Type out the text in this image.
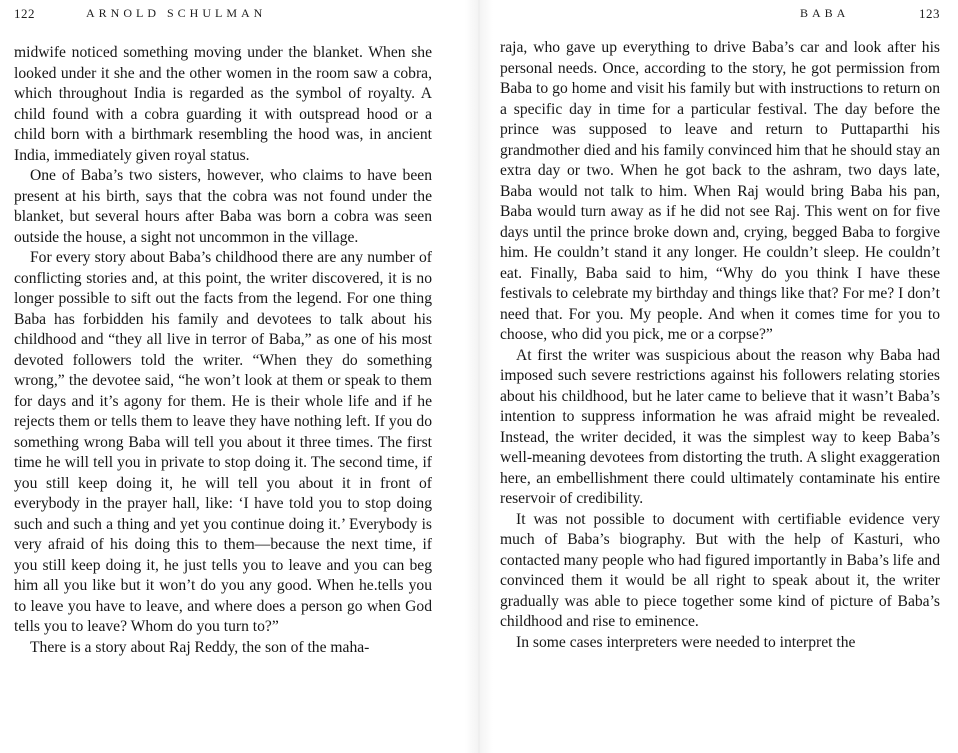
122	ARNOLD SCHULMAN

midwife noticed something moving under the blanket. When she looked under it she and the other women in the room saw a cobra, which throughout India is regarded as the symbol of royalty. A child found with a cobra guarding it with outspread hood or a child born with a birthmark resembling the hood was, in ancient India, immediately given royal status.

One of Baba’s two sisters, however, who claims to have been present at his birth, says that the cobra was not found under the blanket, but several hours after Baba was born a cobra was seen outside the house, a sight not uncommon in the village.

For every story about Baba’s childhood there are any number of conflicting stories and, at this point, the writer discovered, it is no longer possible to sift out the facts from the legend. For one thing Baba has forbidden his family and devotees to talk about his childhood and “they all live in terror of Baba,” as one of his most devoted followers told the writer. “When they do something wrong,” the devotee said, “he won’t look at them or speak to them for days and it’s agony for them. He is their whole life and if he rejects them or tells them to leave they have nothing left. If you do something wrong Baba will tell you about it three times. The first time he will tell you in private to stop doing it. The second time, if you still keep doing it, he will tell you about it in front of everybody in the prayer hall, like: ‘I have told you to stop doing such and such a thing and yet you continue doing it.’ Everybody is very afraid of his doing this to them—because the next time, if you still keep doing it, he just tells you to leave and you can beg him all you like but it won’t do you any good. When he.tells you to leave you have to leave, and where does a person go when God tells you to leave? Whom do you turn to?”

There is a story about Raj Reddy, the son of the maha-

BABA	123

raja, who gave up everything to drive Baba’s car and look after his personal needs. Once, according to the story, he got permission from Baba to go home and visit his family but with instructions to return on a specific day in time for a particular festival. The day before the prince was supposed to leave and return to Puttaparthi his grandmother died and his family convinced him that he should stay an extra day or two. When he got back to the ashram, two days late, Baba would not talk to him. When Raj would bring Baba his pan, Baba would turn away as if he did not see Raj. This went on for five days until the prince broke down and, crying, begged Baba to forgive him. He couldn’t stand it any longer. He couldn’t sleep. He couldn’t eat. Finally, Baba said to him, “Why do you think I have these festivals to celebrate my birthday and things like that? For me? I don’t need that. For you. My people. And when it comes time for you to choose, who did you pick, me or a corpse?”

At first the writer was suspicious about the reason why Baba had imposed such severe restrictions against his followers relating stories about his childhood, but he later came to believe that it wasn’t Baba’s intention to suppress information he was afraid might be revealed. Instead, the writer decided, it was the simplest way to keep Baba’s well-meaning devotees from distorting the truth. A slight exaggeration here, an embellishment there could ultimately contaminate his entire reservoir of credibility.

It was not possible to document with certifiable evidence very much of Baba’s biography. But with the help of Kasturi, who contacted many people who had figured importantly in Baba’s life and convinced them it would be all right to speak about it, the writer gradually was able to piece together some kind of picture of Baba’s childhood and rise to eminence.

In some cases interpreters were needed to interpret the
